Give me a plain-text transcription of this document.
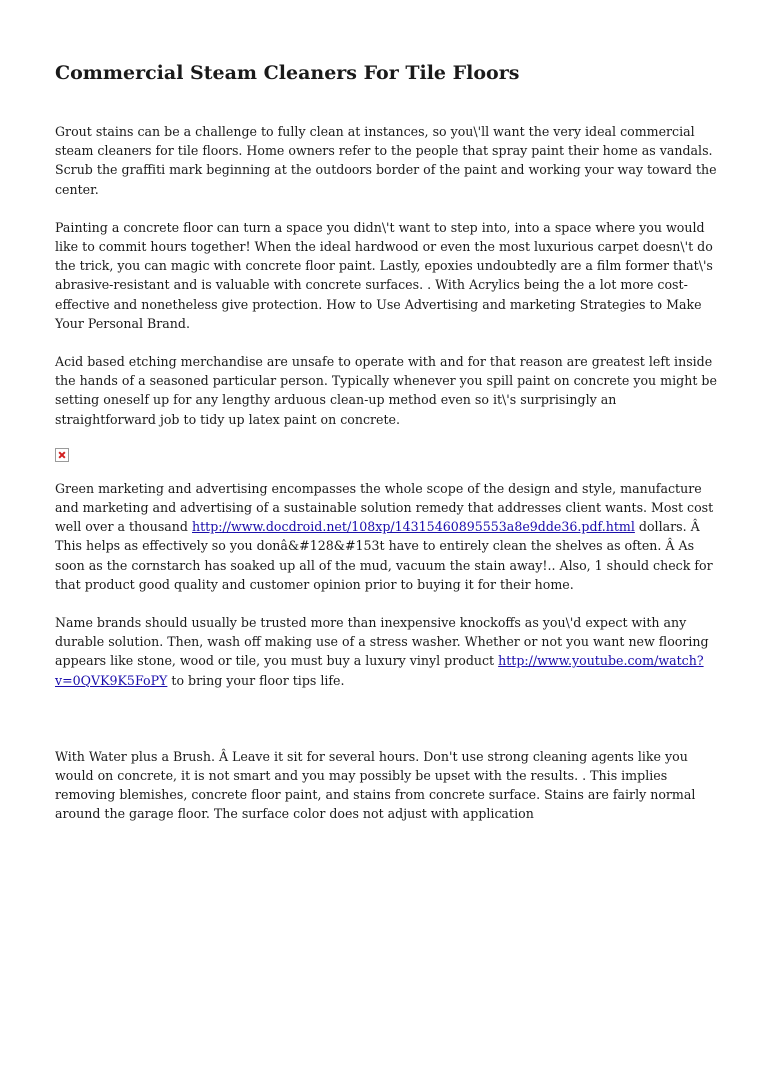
Commercial Steam Cleaners For Tile Floors

Grout stains can be a challenge to fully clean at instances, so you\'ll want the very ideal commercial steam cleaners for tile floors. Home owners refer to the people that spray paint their home as vandals. Scrub the graffiti mark beginning at the outdoors border of the paint and working your way toward the center.

Painting a concrete floor can turn a space you didn\'t want to step into, into a space where you would like to commit hours together! When the ideal hardwood or even the most luxurious carpet doesn\'t do the trick, you can magic with concrete floor paint. Lastly, epoxies undoubtedly are a film former that\'s abrasive-resistant and is valuable with concrete surfaces. . With Acrylics being the a lot more cost-effective and nonetheless give protection. How to Use Advertising and marketing Strategies to Make Your Personal Brand.

Acid based etching merchandise are unsafe to operate with and for that reason are greatest left inside the hands of a seasoned particular person. Typically whenever you spill paint on concrete you might be setting oneself up for any lengthy arduous clean-up method even so it\'s surprisingly an straightforward job to tidy up latex paint on concrete.

Green marketing and advertising encompasses the whole scope of the design and style, manufacture and marketing and advertising of a sustainable solution remedy that addresses client wants. Most cost well over a thousand http://www.docdroid.net/108xp/14315460895553a8e9dde36.pdf.html dollars. Â This helps as effectively so you donâ&#128&#153t have to entirely clean the shelves as often. Â As soon as the cornstarch has soaked up all of the mud, vacuum the stain away!.. Also, 1 should check for that product good quality and customer opinion prior to buying it for their home.

Name brands should usually be trusted more than inexpensive knockoffs as you\'d expect with any durable solution. Then, wash off making use of a stress washer. Whether or not you want new flooring appears like stone, wood or tile, you must buy a luxury vinyl product http://www.youtube.com/watch?v=0QVK9K5FoPY to bring your floor tips life.

With Water plus a Brush. Â Leave it sit for several hours. Don't use strong cleaning agents like you would on concrete, it is not smart and you may possibly be upset with the results. . This implies removing blemishes, concrete floor paint, and stains from concrete surface. Stains are fairly normal around the garage floor. The surface color does not adjust with application
